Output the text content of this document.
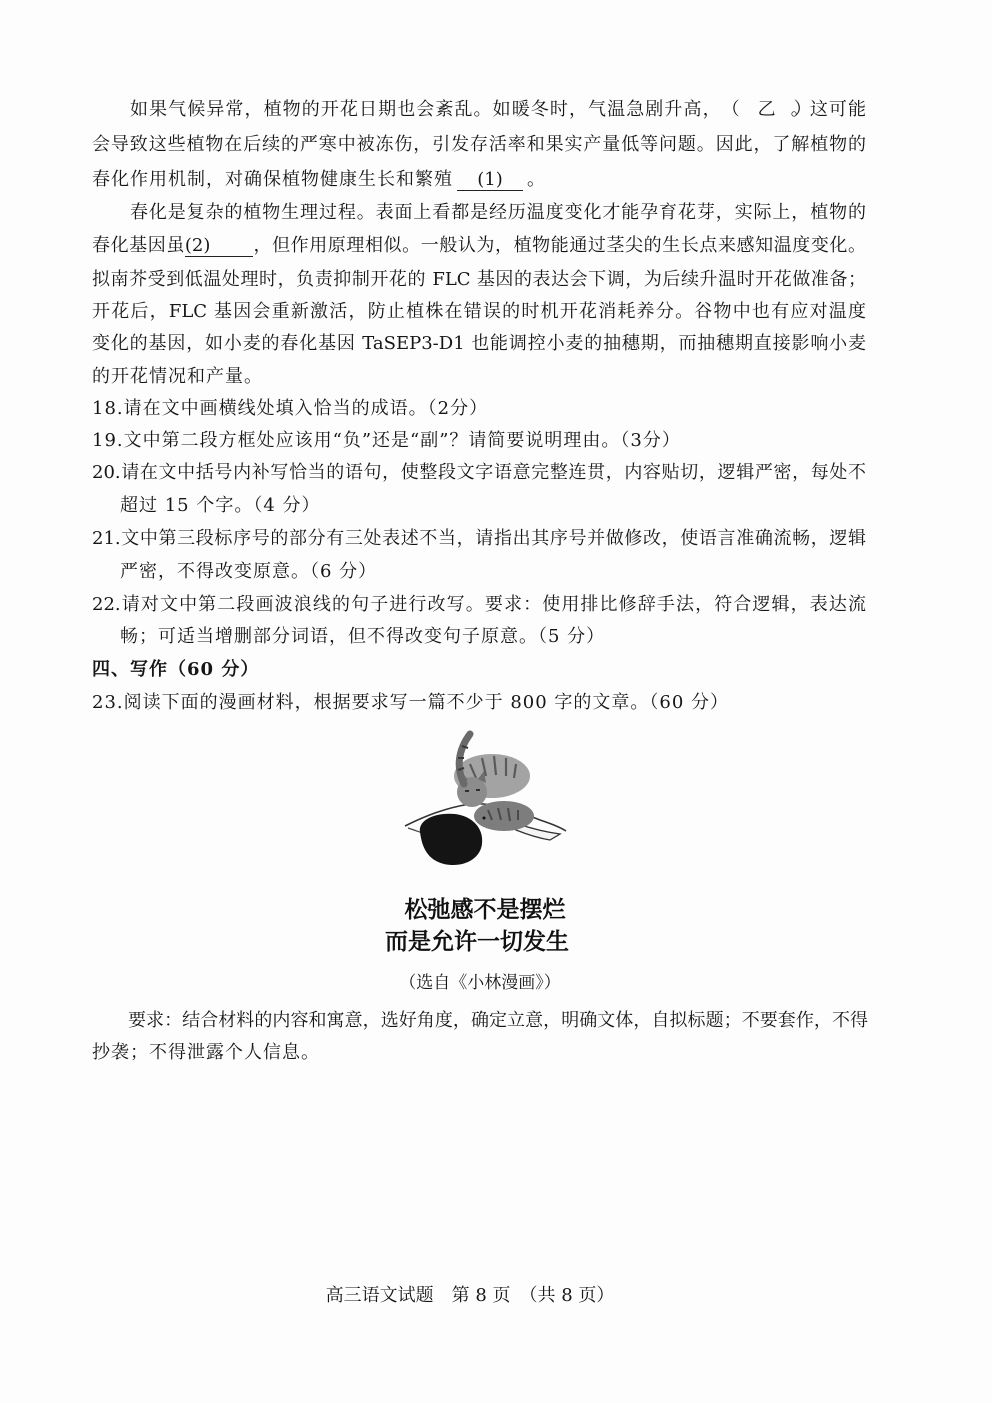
如果气候异常，植物的开花日期也会紊乱。如暖冬时，气温急剧升高，（　乙　）。这可能
会导致这些植物在后续的严寒中被冻伤，引发存活率和果实产量低等问题。因此，了解植物的
春化作用机制，对确保植物健康生长和繁殖 (1) 。
春化是复杂的植物生理过程。表面上看都是经历温度变化才能孕育花芽，实际上，植物的
春化基因虽(2) ，但作用原理相似。一般认为，植物能通过茎尖的生长点来感知温度变化。
拟南芥受到低温处理时，负责抑制开花的 FLC 基因的表达会下调，为后续升温时开花做准备；
开花后，FLC 基因会重新激活，防止植株在错误的时机开花消耗养分。谷物中也有应对温度
变化的基因，如小麦的春化基因 TaSEP3-D1 也能调控小麦的抽穗期，而抽穗期直接影响小麦
的开花情况和产量。
18.请在文中画横线处填入恰当的成语。（2分）
19.文中第二段方框处应该用“负”还是“副”？请简要说明理由。（3分）
20.请在文中括号内补写恰当的语句，使整段文字语意完整连贯，内容贴切，逻辑严密，每处不
超过 15 个字。（4 分）
21.文中第三段标序号的部分有三处表述不当，请指出其序号并做修改，使语言准确流畅，逻辑
严密，不得改变原意。（6 分）
22.请对文中第二段画波浪线的句子进行改写。要求：使用排比修辞手法，符合逻辑，表达流
畅；可适当增删部分词语，但不得改变句子原意。（5 分）
四、写作（60 分）
23.阅读下面的漫画材料，根据要求写一篇不少于 800 字的文章。（60 分）
松弛感不是摆烂
而是允许一切发生
（选自《小林漫画》）
要求：结合材料的内容和寓意，选好角度，确定立意，明确文体，自拟标题；不要套作，不得
抄袭；不得泄露个人信息。
高三语文试题　第 8 页　（共 8 页）
